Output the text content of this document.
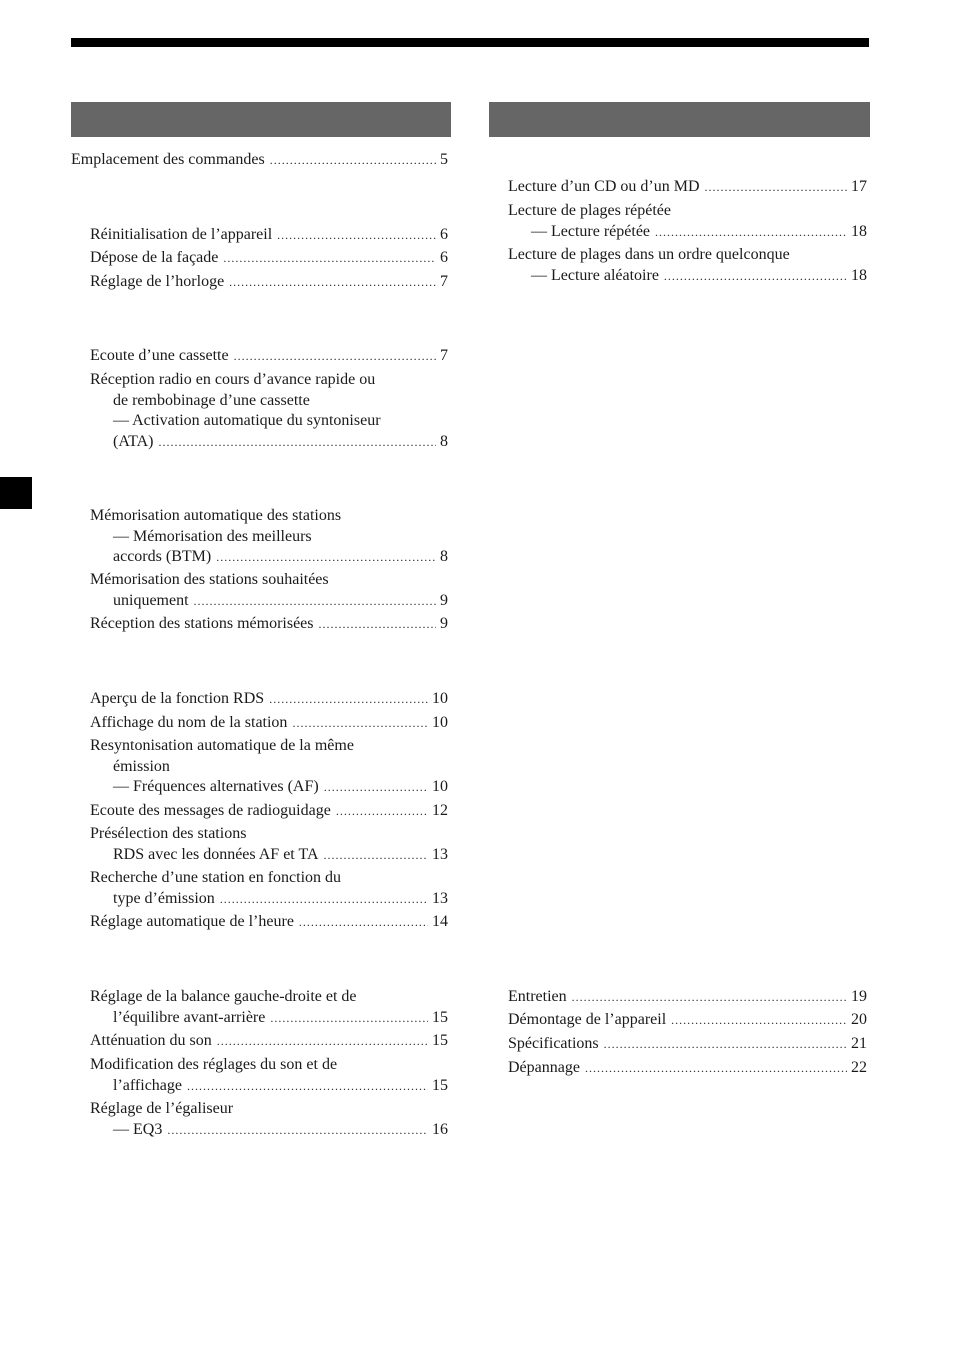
Emplacement des commandes .....	5
Réinitialisation de l’appareil .....	6
Dépose de la façade .....	6
Réglage de l’horloge .....	7
Ecoute d’une cassette .....	7
Réception radio en cours d’avance rapide ou
de rembobinage d’une cassette
— Activation automatique du syntoniseur
(ATA) .....	8
Mémorisation automatique des stations
— Mémorisation des meilleurs
accords (BTM) .....	8
Mémorisation des stations souhaitées
uniquement .....	9
Réception des stations mémorisées .....	9
Aperçu de la fonction RDS .....	10
Affichage du nom de la station .....	10
Resyntonisation automatique de la même
émission
— Fréquences alternatives (AF) .....	10
Ecoute des messages de radioguidage .....	12
Présélection des stations
RDS avec les données AF et TA .....	13
Recherche d’une station en fonction du
type d’émission .....	13
Réglage automatique de l’heure .....	14
Réglage de la balance gauche-droite et de
l’équilibre avant-arrière .....	15
Atténuation du son .....	15
Modification des réglages du son et de
l’affichage .....	15
Réglage de l’égaliseur
— EQ3 .....	16
Lecture d’un CD ou d’un MD .....	17
Lecture de plages répétée
— Lecture répétée .....	18
Lecture de plages dans un ordre quelconque
— Lecture aléatoire .....	18
Entretien .....	19
Démontage de l’appareil .....	20
Spécifications .....	21
Dépannage .....	22
